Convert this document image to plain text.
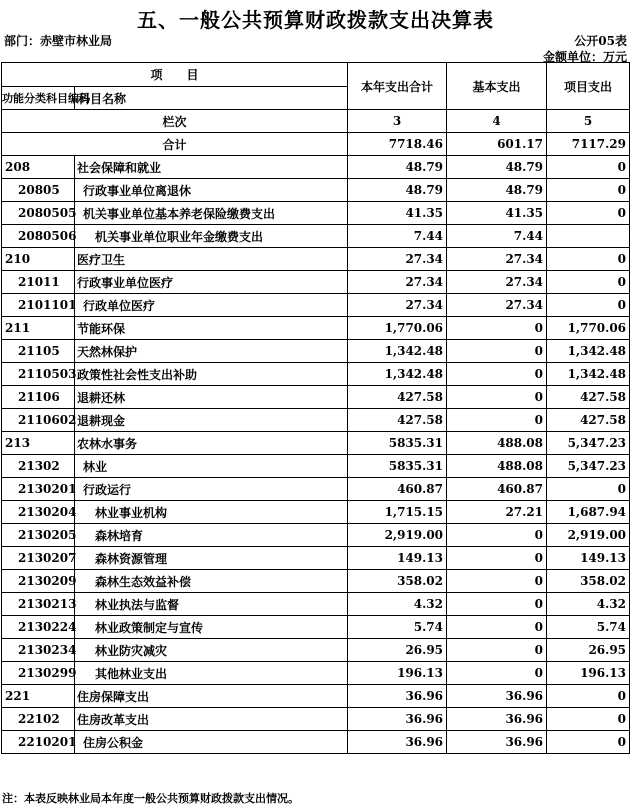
五、一般公共预算财政拨款支出决算表
部门：赤壁市林业局	公开05表
金额单位：万元
项　　目		本年支出合计	基本支出	项目支出
功能分类科目编码	科目名称			
栏次		3	4	5
合计		7718.46	601.17	7117.29
208	社会保障和就业	48.79	48.79	0
20805	行政事业单位离退休	48.79	48.79	0
2080505	机关事业单位基本养老保险缴费支出	41.35	41.35	0
2080506	机关事业单位职业年金缴费支出	7.44	7.44	
210	医疗卫生	27.34	27.34	0
21011	行政事业单位医疗	27.34	27.34	0
2101101	行政单位医疗	27.34	27.34	0
211	节能环保	1,770.06	0	1,770.06
21105	天然林保护	1,342.48	0	1,342.48
2110503	政策性社会性支出补助	1,342.48	0	1,342.48
21106	退耕还林	427.58	0	427.58
2110602	退耕现金	427.58	0	427.58
213	农林水事务	5835.31	488.08	5,347.23
21302	林业	5835.31	488.08	5,347.23
2130201	行政运行	460.87	460.87	0
2130204	林业事业机构	1,715.15	27.21	1,687.94
2130205	森林培育	2,919.00	0	2,919.00
2130207	森林资源管理	149.13	0	149.13
2130209	森林生态效益补偿	358.02	0	358.02
2130213	林业执法与监督	4.32	0	4.32
2130224	林业政策制定与宣传	5.74	0	5.74
2130234	林业防灾减灾	26.95	0	26.95
2130299	其他林业支出	196.13	0	196.13
221	住房保障支出	36.96	36.96	0
22102	住房改革支出	36.96	36.96	0
2210201	住房公积金	36.96	36.96	0
注：本表反映林业局本年度一般公共预算财政拨款支出情况。
